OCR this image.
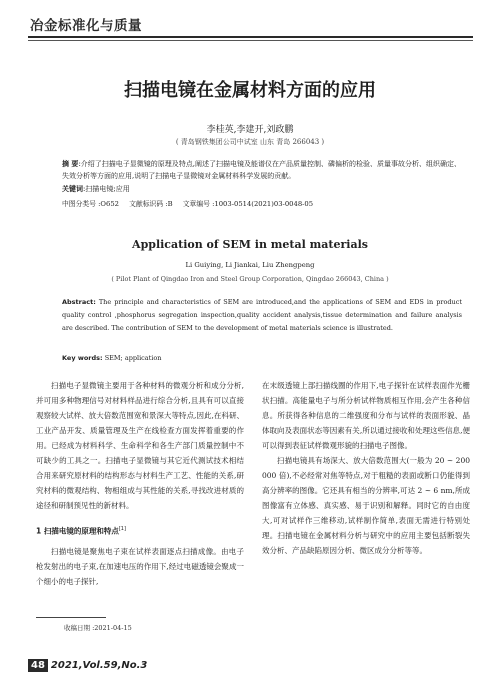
冶金标准化与质量
扫描电镜在金属材料方面的应用
李桂英,李建开,刘政鹏
( 青岛钢铁集团公司中试室 山东 青岛 266043 )
摘 要:介绍了扫描电子显微镜的原理及特点,阐述了扫描电镜及能谱仪在产品质量控制、磷偏析的检验、质量事故分析、组织确定、失效分析等方面的应用,说明了扫描电子显微镜对金属材料科学发展的贡献。
关键词:扫描电镜;应用
中图分类号 :O652 文献标识码 :B 文章编号 :1003-0514(2021)03-0048-05
Application of SEM in metal materials
Li Guiying, Li Jiankai, Liu Zhengpeng
( Pilot Plant of Qingdao Iron and Steel Group Corporation, Qingdao 266043, China )
Abstract: The principle and characteristics of SEM are introduced,and the applications of SEM and EDS in product quality control ,phosphorus segregation inspection,quality accident analysis,tissue determination and failure analysis are described. The contribution of SEM to the development of metal materials science is illustrated.
Key words: SEM; application

扫描电子显微镜主要用于各种材料的微观分析和成分分析,并可用多种物理信号对材料样品进行综合分析,且具有可以直接观察较大试样、放大倍数范围宽和景深大等特点,因此,在科研、工业产品开发、质量管理及生产在线检查方面发挥着重要的作用。已经成为材料科学、生命科学和各生产部门质量控制中不可缺少的工具之一。扫描电子显微镜与其它近代测试技术相结合用来研究原材料的结构形态与材料生产工艺、性能的关系,研究材料的微观结构、物相组成与其性能的关系,寻找改进材质的途径和研制预见性的新材料。

1 扫描电镜的原理和特点[1]

扫描电镜是聚焦电子束在试样表面逐点扫描成像。由电子枪发射出的电子束,在加速电压的作用下,经过电磁透镜会聚成一个细小的电子探针,

在末级透镜上部扫描线圈的作用下,电子探针在试样表面作光栅状扫描。高能量电子与所分析试样物质相互作用,会产生各种信息。所获得各种信息的二维强度和分布与试样的表面形貌、晶体取向及表面状态等因素有关,所以通过接收和处理这些信息,便可以得到表征试样微观形貌的扫描电子图像。

扫描电镜具有场深大、放大倍数范围大(一般为 20 ~ 200 000 倍),不必经常对焦等特点,对于粗糙的表面或断口仍能得到高分辨率的图像。它还具有相当的分辨率,可达 2 ~ 6 nm,所成图像富有立体感、真实感、易于识别和解释。同时它的自由度大,可对试样作三维移动,试样制作简单,表面无需进行特别处理。扫描电镜在金属材料分析与研究中的应用主要包括断裂失效分析、产品缺陷原因分析、微区成分分析等等。

收稿日期 :2021-04-15
48 2021,Vol.59,No.3
